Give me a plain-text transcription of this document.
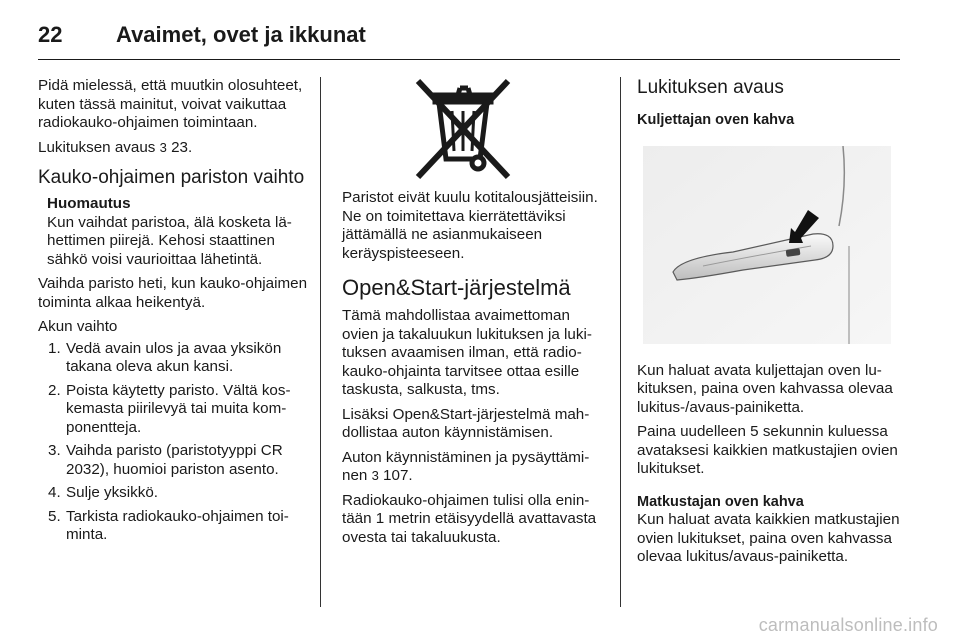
22 Avaimet, ovet ja ikkunat

Pidä mielessä, että muutkin olosuhteet, kuten tässä mainitut, voivat vaikuttaa radiokauko-ohjaimen toimintaan.

Lukituksen avaus 3 23.

Kauko-ohjaimen pariston vaihto
Huomautus
Kun vaihdat paristoa, älä kosketa lähettimen piirejä. Kehosi staattinen sähkö voisi vaurioittaa lähetintä.

Vaihda paristo heti, kun kauko-ohjaimen toiminta alkaa heikentyä.

Akun vaihto

1. Vedä avain ulos ja avaa yksikön takana oleva akun kansi.
2. Poista käytetty paristo. Vältä koskemasta piirilevyä tai muita komponentteja.
3. Vaihda paristo (paristotyyppi CR 2032), huomioi pariston asento.
4. Sulje yksikkö.
5. Tarkista radiokauko-ohjaimen toiminta.

Paristot eivät kuulu kotitalousjätteisiin. Ne on toimitettava kierrätettäviksi jättämällä ne asianmukaiseen keräyspisteeseen.

Open&Start-järjestelmä

Tämä mahdollistaa avaimettoman ovien ja takaluukun lukituksen ja lukituksen avaamisen ilman, että radiokauko-ohjainta tarvitsee ottaa esille taskusta, salkusta, tms.

Lisäksi Open&Start-järjestelmä mahdollistaa auton käynnistämisen.

Auton käynnistäminen ja pysäyttäminen 3 107.

Radiokauko-ohjaimen tulisi olla enintään 1 metrin etäisyydellä avattavasta ovesta tai takaluukusta.

Lukituksen avaus
Kuljettajan oven kahva

Kun haluat avata kuljettajan oven lukituksen, paina oven kahvassa olevaa lukitus-/avaus-painiketta.

Paina uudelleen 5 sekunnin kuluessa avataksesi kaikkien matkustajien ovien lukitukset.

Matkustajan oven kahva

Kun haluat avata kaikkien matkustajien ovien lukitukset, paina oven kahvassa olevaa lukitus/avaus-painiketta.

carmanualsonline.info
